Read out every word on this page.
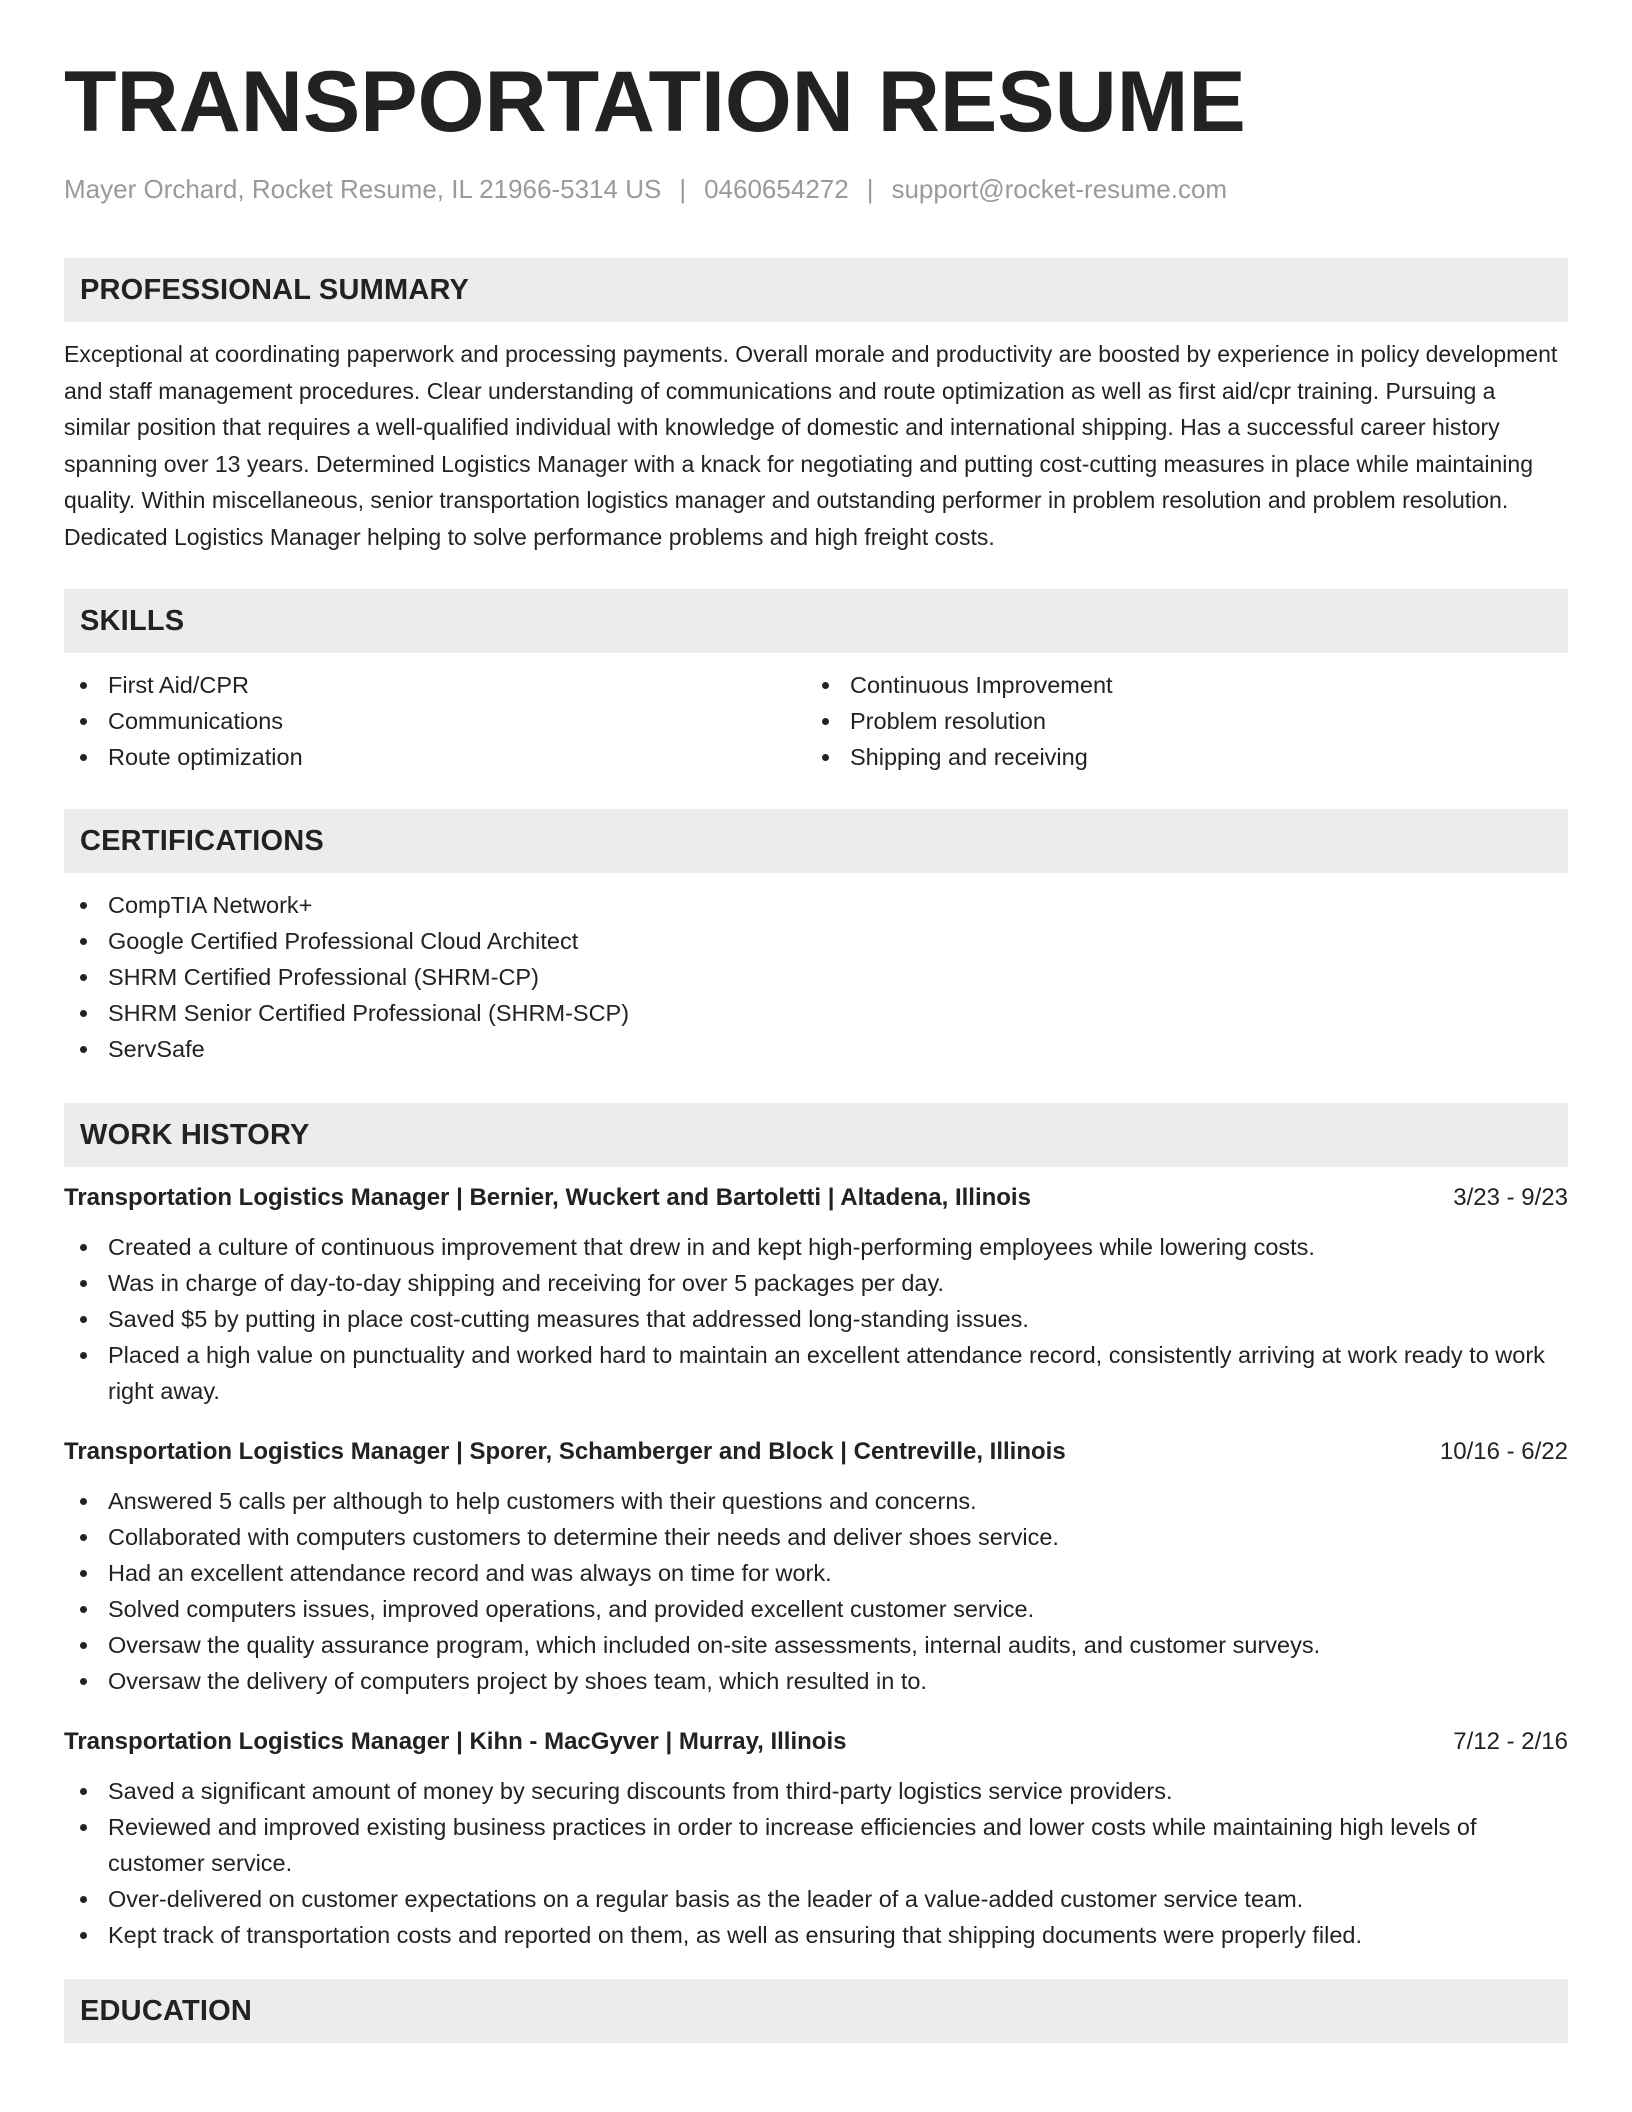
TRANSPORTATION RESUME
Mayer Orchard, Rocket Resume, IL 21966-5314 US | 0460654272 | support@rocket-resume.com
PROFESSIONAL SUMMARY

Exceptional at coordinating paperwork and processing payments. Overall morale and productivity are boosted by experience in policy development and staff management procedures. Clear understanding of communications and route optimization as well as first aid/cpr training. Pursuing a similar position that requires a well-qualified individual with knowledge of domestic and international shipping. Has a successful career history spanning over 13 years. Determined Logistics Manager with a knack for negotiating and putting cost-cutting measures in place while maintaining quality. Within miscellaneous, senior transportation logistics manager and outstanding performer in problem resolution and problem resolution. Dedicated Logistics Manager helping to solve performance problems and high freight costs.

SKILLS
First Aid/CPR
Communications
Route optimization
Continuous Improvement
Problem resolution
Shipping and receiving
CERTIFICATIONS
CompTIA Network+
Google Certified Professional Cloud Architect
SHRM Certified Professional (SHRM-CP)
SHRM Senior Certified Professional (SHRM-SCP)
ServSafe
WORK HISTORY
Transportation Logistics Manager | Bernier, Wuckert and Bartoletti | Altadena, Illinois	3/23 - 9/23
Created a culture of continuous improvement that drew in and kept high-performing employees while lowering costs.
Was in charge of day-to-day shipping and receiving for over 5 packages per day.
Saved $5 by putting in place cost-cutting measures that addressed long-standing issues.
Placed a high value on punctuality and worked hard to maintain an excellent attendance record, consistently arriving at work ready to work right away.
Transportation Logistics Manager | Sporer, Schamberger and Block | Centreville, Illinois	10/16 - 6/22
Answered 5 calls per although to help customers with their questions and concerns.
Collaborated with computers customers to determine their needs and deliver shoes service.
Had an excellent attendance record and was always on time for work.
Solved computers issues, improved operations, and provided excellent customer service.
Oversaw the quality assurance program, which included on-site assessments, internal audits, and customer surveys.
Oversaw the delivery of computers project by shoes team, which resulted in to.
Transportation Logistics Manager | Kihn - MacGyver | Murray, Illinois	7/12 - 2/16
Saved a significant amount of money by securing discounts from third-party logistics service providers.
Reviewed and improved existing business practices in order to increase efficiencies and lower costs while maintaining high levels of customer service.
Over-delivered on customer expectations on a regular basis as the leader of a value-added customer service team.
Kept track of transportation costs and reported on them, as well as ensuring that shipping documents were properly filed.
EDUCATION
